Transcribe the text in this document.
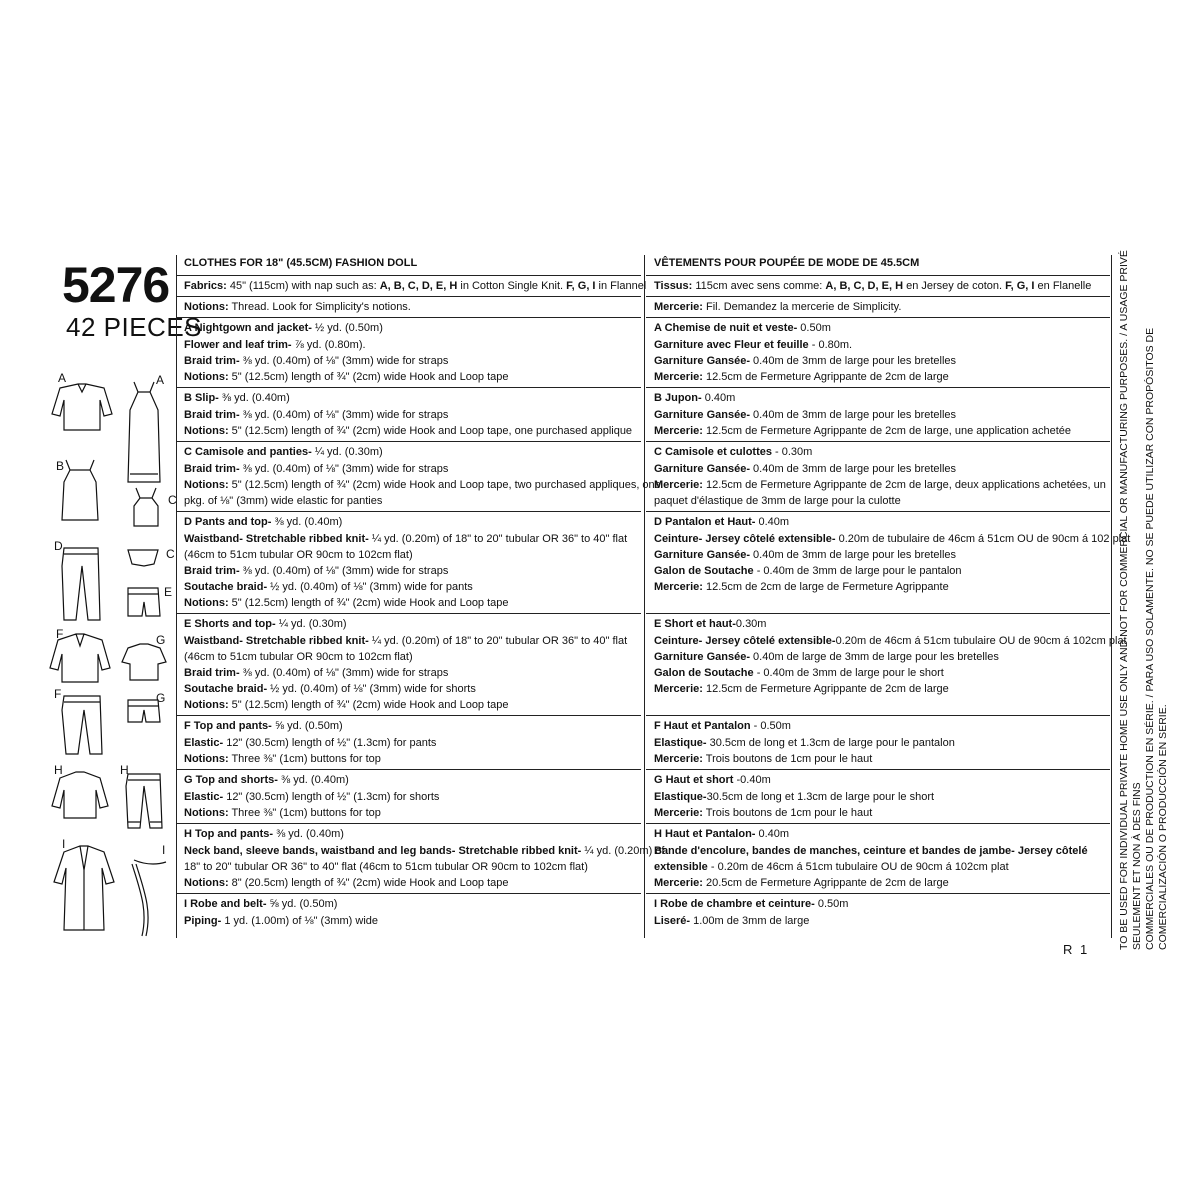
5276
42 PIECES
A	A
B
C
D
C
E
F	G
F	G
H	H
I	I
CLOTHES FOR 18" (45.5CM) FASHION DOLL
Fabrics: 45" (115cm) with nap such as: A, B, C, D, E, H in Cotton Single Knit. F, G, I in Flannel
Notions: Thread. Look for Simplicity's notions.
A Nightgown and jacket- ½ yd. (0.50m)
Flower and leaf trim- ⅞ yd. (0.80m).
Braid trim- ⅜ yd. (0.40m) of ⅛" (3mm) wide for straps
Notions: 5" (12.5cm) length of ¾" (2cm) wide Hook and Loop tape
B Slip- ⅜ yd. (0.40m)
Braid trim- ⅜ yd. (0.40m) of ⅛" (3mm) wide for straps
Notions: 5" (12.5cm) length of ¾" (2cm) wide Hook and Loop tape, one purchased applique
C Camisole and panties- ¼ yd. (0.30m)
Braid trim- ⅜ yd. (0.40m) of ⅛" (3mm) wide for straps
Notions: 5" (12.5cm) length of ¾" (2cm) wide Hook and Loop tape, two purchased appliques, one
pkg. of ⅛" (3mm) wide elastic for panties
D Pants and top- ⅜ yd. (0.40m)
Waistband- Stretchable ribbed knit- ¼ yd. (0.20m) of 18" to 20" tubular OR 36" to 40" flat
(46cm to 51cm tubular OR 90cm to 102cm flat)
Braid trim- ⅜ yd. (0.40m) of ⅛" (3mm) wide for straps
Soutache braid- ½ yd. (0.40m) of ⅛" (3mm) wide for pants
Notions: 5" (12.5cm) length of ¾" (2cm) wide Hook and Loop tape
E Shorts and top- ¼ yd. (0.30m)
Waistband- Stretchable ribbed knit- ¼ yd. (0.20m) of 18" to 20" tubular OR 36" to 40" flat
(46cm to 51cm tubular OR 90cm to 102cm flat)
Braid trim- ⅜ yd. (0.40m) of ⅛" (3mm) wide for straps
Soutache braid- ½ yd. (0.40m) of ⅛" (3mm) wide for shorts
Notions: 5" (12.5cm) length of ¾" (2cm) wide Hook and Loop tape
F Top and pants- ⅝ yd. (0.50m)
Elastic- 12" (30.5cm) length of ½" (1.3cm) for pants
Notions: Three ⅜" (1cm) buttons for top
G Top and shorts- ⅜ yd. (0.40m)
Elastic- 12" (30.5cm) length of ½" (1.3cm) for shorts
Notions: Three ⅜" (1cm) buttons for top
H Top and pants- ⅜ yd. (0.40m)
Neck band, sleeve bands, waistband and leg bands- Stretchable ribbed knit- ¼ yd. (0.20m) of
18" to 20" tubular OR 36" to 40" flat (46cm to 51cm tubular OR 90cm to 102cm flat)
Notions: 8" (20.5cm) length of ¾" (2cm) wide Hook and Loop tape
I Robe and belt- ⅝ yd. (0.50m)
Piping- 1 yd. (1.00m) of ⅛" (3mm) wide
VÊTEMENTS POUR POUPÉE DE MODE DE 45.5CM
Tissus: 115cm avec sens comme: A, B, C, D, E, H en Jersey de coton. F, G, I en Flanelle
Mercerie: Fil. Demandez la mercerie de Simplicity.
A Chemise de nuit et veste- 0.50m
Garniture avec Fleur et feuille - 0.80m.
Garniture Gansée- 0.40m de 3mm de large pour les bretelles
Mercerie: 12.5cm de Fermeture Agrippante de 2cm de large
B Jupon- 0.40m
Garniture Gansée- 0.40m de 3mm de large pour les bretelles
Mercerie: 12.5cm de Fermeture Agrippante de 2cm de large, une application achetée
C Camisole et culottes - 0.30m
Garniture Gansée- 0.40m de 3mm de large pour les bretelles
Mercerie: 12.5cm de Fermeture Agrippante de 2cm de large, deux applications achetées, un
paquet d'élastique de 3mm de large pour la culotte
D Pantalon et Haut- 0.40m
Ceinture- Jersey côtelé extensible- 0.20m de tubulaire de 46cm á 51cm OU de 90cm á 102 plat
Garniture Gansée- 0.40m de 3mm de large pour les bretelles
Galon de Soutache - 0.40m de 3mm de large pour le pantalon
Mercerie: 12.5cm de 2cm de large de Fermeture Agrippante
E Short et haut-0.30m
Ceinture- Jersey côtelé extensible-0.20m de 46cm á 51cm tubulaire OU de 90cm á 102cm plat
Garniture Gansée- 0.40m de large de 3mm de large pour les bretelles
Galon de Soutache - 0.40m de 3mm de large pour le short
Mercerie: 12.5cm de Fermeture Agrippante de 2cm de large
F Haut et Pantalon - 0.50m
Elastique- 30.5cm de long et 1.3cm de large pour le pantalon
Mercerie: Trois boutons de 1cm pour le haut
G Haut et short -0.40m
Elastique-30.5cm de long et 1.3cm de large pour le short
Mercerie: Trois boutons de 1cm pour le haut
H Haut et Pantalon- 0.40m
Bande d'encolure, bandes de manches, ceinture et bandes de jambe- Jersey côtelé
extensible - 0.20m de 46cm á 51cm tubulaire OU de 90cm á 102cm plat
Mercerie: 20.5cm de Fermeture Agrippante de 2cm de large
I Robe de chambre et ceinture- 0.50m
Liseré- 1.00m de 3mm de large
R 1	TO BE USED FOR INDIVIDUAL PRIVATE HOME USE ONLY AND NOT FOR COMMERCIAL OR MANUFACTURING PURPOSES. / A USAGE PRIVÉ SEULEMENT ET NON À DES FINS COMMERCIALES OU DE PRODUCTION EN SÉRIE. / PARA USO SOLAMENTE. NO SE PUEDE UTILIZAR CON PROPÓSITOS DE COMERCIALIZACIÓN O PRODUCCIÓN EN SERIE.
